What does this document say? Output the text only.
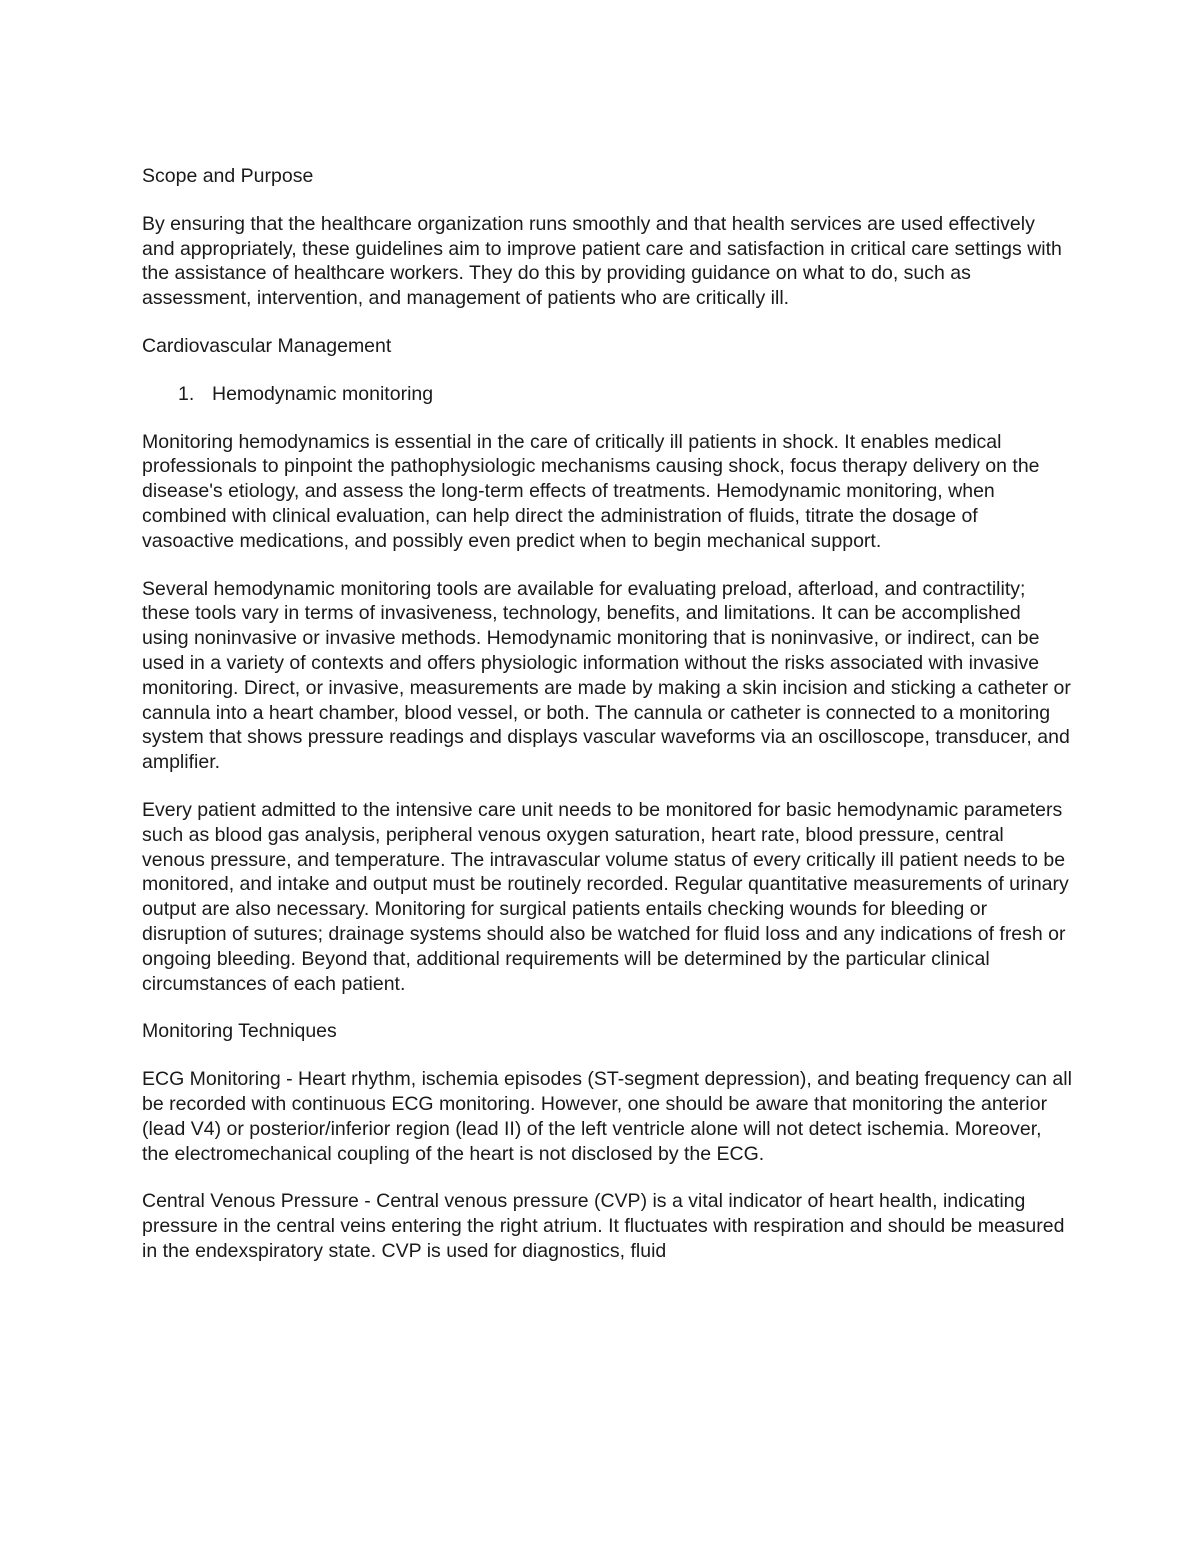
Scope and Purpose

By ensuring that the healthcare organization runs smoothly and that health services are used effectively and appropriately, these guidelines aim to improve patient care and satisfaction in critical care settings with the assistance of healthcare workers. They do this by providing guidance on what to do, such as assessment, intervention, and management of patients who are critically ill.

Cardiovascular Management

1. Hemodynamic monitoring

Monitoring hemodynamics is essential in the care of critically ill patients in shock. It enables medical professionals to pinpoint the pathophysiologic mechanisms causing shock, focus therapy delivery on the disease's etiology, and assess the long-term effects of treatments. Hemodynamic monitoring, when combined with clinical evaluation, can help direct the administration of fluids, titrate the dosage of vasoactive medications, and possibly even predict when to begin mechanical support.

Several hemodynamic monitoring tools are available for evaluating preload, afterload, and contractility; these tools vary in terms of invasiveness, technology, benefits, and limitations. It can be accomplished using noninvasive or invasive methods. Hemodynamic monitoring that is noninvasive, or indirect, can be used in a variety of contexts and offers physiologic information without the risks associated with invasive monitoring. Direct, or invasive, measurements are made by making a skin incision and sticking a catheter or cannula into a heart chamber, blood vessel, or both. The cannula or catheter is connected to a monitoring system that shows pressure readings and displays vascular waveforms via an oscilloscope, transducer, and amplifier.

Every patient admitted to the intensive care unit needs to be monitored for basic hemodynamic parameters such as blood gas analysis, peripheral venous oxygen saturation, heart rate, blood pressure, central venous pressure, and temperature. The intravascular volume status of every critically ill patient needs to be monitored, and intake and output must be routinely recorded. Regular quantitative measurements of urinary output are also necessary. Monitoring for surgical patients entails checking wounds for bleeding or disruption of sutures; drainage systems should also be watched for fluid loss and any indications of fresh or ongoing bleeding. Beyond that, additional requirements will be determined by the particular clinical circumstances of each patient.

Monitoring Techniques

ECG Monitoring - Heart rhythm, ischemia episodes (ST-segment depression), and beating frequency can all be recorded with continuous ECG monitoring. However, one should be aware that monitoring the anterior (lead V4) or posterior/inferior region (lead II) of the left ventricle alone will not detect ischemia. Moreover, the electromechanical coupling of the heart is not disclosed by the ECG.

Central Venous Pressure - Central venous pressure (CVP) is a vital indicator of heart health, indicating pressure in the central veins entering the right atrium. It fluctuates with respiration and should be measured in the endexspiratory state. CVP is used for diagnostics, fluid
